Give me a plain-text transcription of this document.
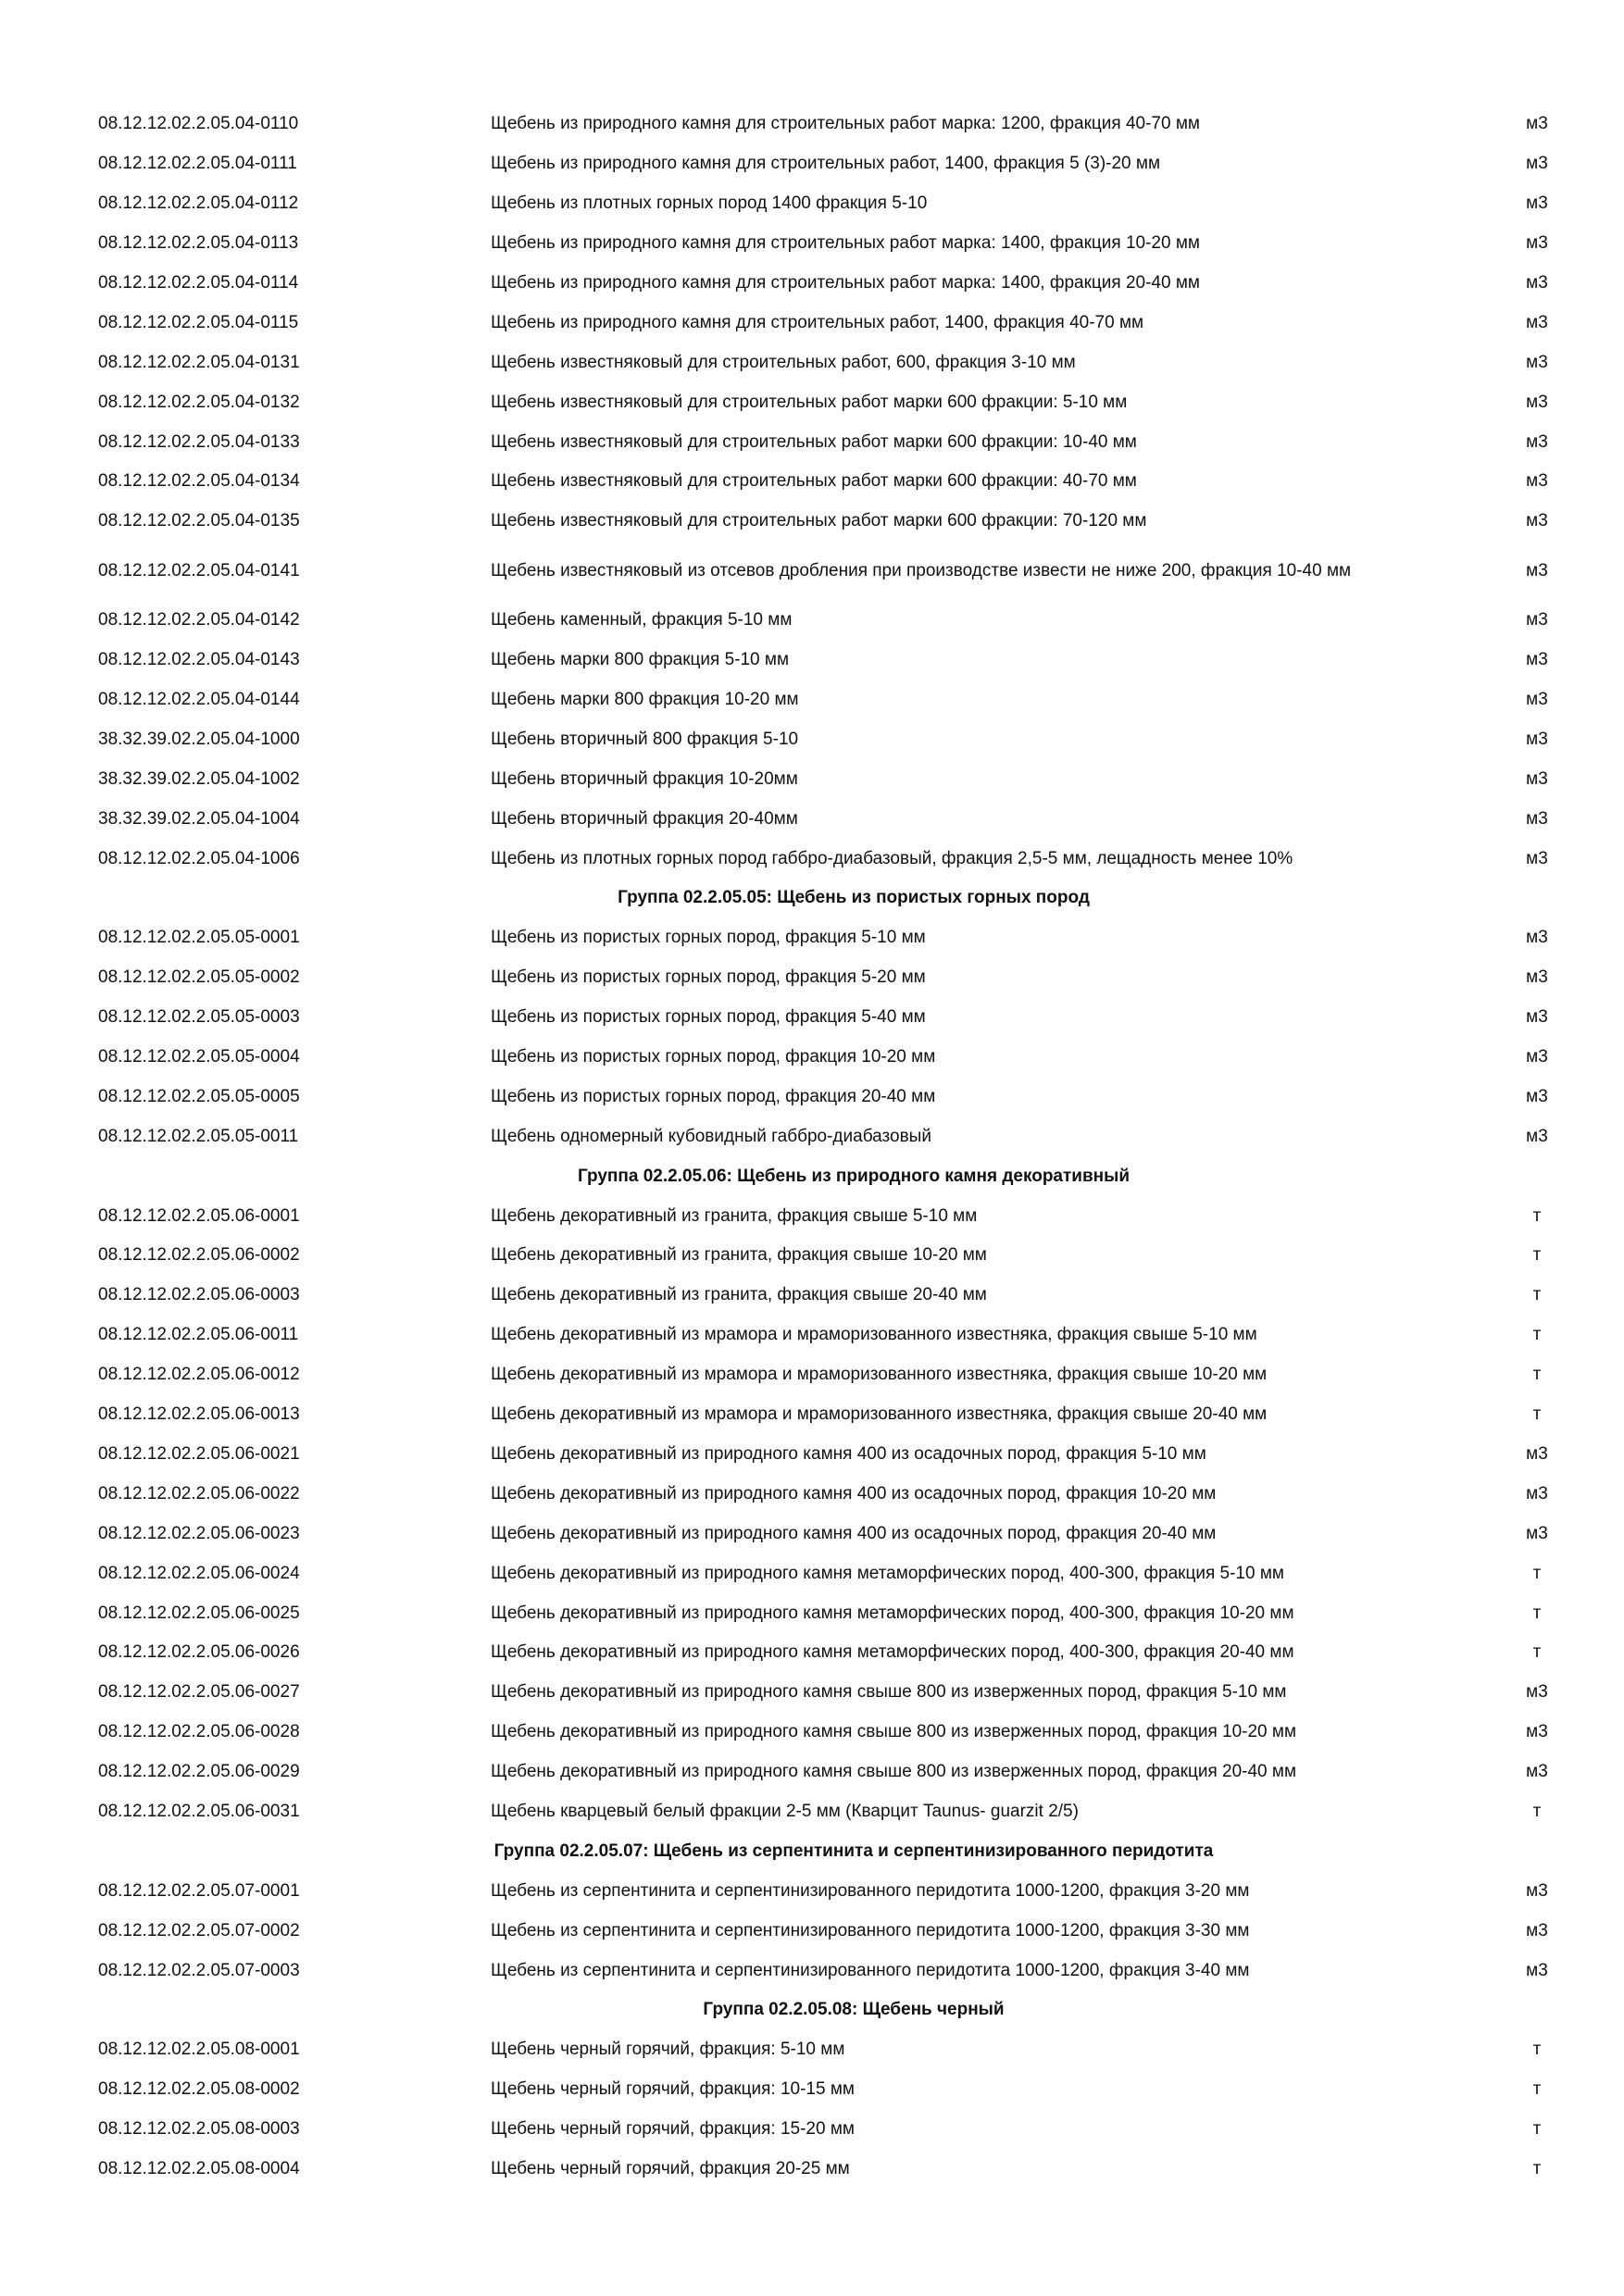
08.12.12.02.2.05.04-0110	Щебень из природного камня для строительных работ марка: 1200, фракция 40-70 мм	м3
08.12.12.02.2.05.04-0111	Щебень из природного камня для строительных работ, 1400, фракция 5 (3)-20 мм	м3
08.12.12.02.2.05.04-0112	Щебень из плотных горных пород 1400 фракция 5-10	м3
08.12.12.02.2.05.04-0113	Щебень из природного камня для строительных работ марка: 1400, фракция 10-20 мм	м3
08.12.12.02.2.05.04-0114	Щебень из природного камня для строительных работ марка: 1400, фракция 20-40 мм	м3
08.12.12.02.2.05.04-0115	Щебень из природного камня для строительных работ, 1400, фракция 40-70 мм	м3
08.12.12.02.2.05.04-0131	Щебень известняковый для строительных работ, 600, фракция 3-10 мм	м3
08.12.12.02.2.05.04-0132	Щебень известняковый для строительных работ марки 600 фракции: 5-10 мм	м3
08.12.12.02.2.05.04-0133	Щебень известняковый для строительных работ марки 600 фракции: 10-40 мм	м3
08.12.12.02.2.05.04-0134	Щебень известняковый для строительных работ марки 600 фракции: 40-70 мм	м3
08.12.12.02.2.05.04-0135	Щебень известняковый для строительных работ марки 600 фракции: 70-120 мм	м3
08.12.12.02.2.05.04-0141	Щебень известняковый из отсевов дробления при производстве извести не ниже 200, фракция 10-40 мм	м3
08.12.12.02.2.05.04-0142	Щебень каменный, фракция 5-10 мм	м3
08.12.12.02.2.05.04-0143	Щебень марки 800 фракция 5-10 мм	м3
08.12.12.02.2.05.04-0144	Щебень марки 800 фракция 10-20 мм	м3
38.32.39.02.2.05.04-1000	Щебень вторичный 800 фракция 5-10	м3
38.32.39.02.2.05.04-1002	Щебень вторичный фракция 10-20мм	м3
38.32.39.02.2.05.04-1004	Щебень вторичный фракция 20-40мм	м3
08.12.12.02.2.05.04-1006	Щебень из плотных горных пород габбро-диабазовый, фракция 2,5-5 мм, лещадность менее 10%	м3
Группа 02.2.05.05: Щебень из пористых горных пород
08.12.12.02.2.05.05-0001	Щебень из пористых горных пород, фракция 5-10 мм	м3
08.12.12.02.2.05.05-0002	Щебень из пористых горных пород, фракция 5-20 мм	м3
08.12.12.02.2.05.05-0003	Щебень из пористых горных пород, фракция 5-40 мм	м3
08.12.12.02.2.05.05-0004	Щебень из пористых горных пород, фракция 10-20 мм	м3
08.12.12.02.2.05.05-0005	Щебень из пористых горных пород, фракция 20-40 мм	м3
08.12.12.02.2.05.05-0011	Щебень одномерный кубовидный габбро-диабазовый	м3
Группа 02.2.05.06: Щебень из природного камня декоративный
08.12.12.02.2.05.06-0001	Щебень декоративный из гранита, фракция свыше 5-10 мм	т
08.12.12.02.2.05.06-0002	Щебень декоративный из гранита, фракция свыше 10-20 мм	т
08.12.12.02.2.05.06-0003	Щебень декоративный из гранита, фракция свыше 20-40 мм	т
08.12.12.02.2.05.06-0011	Щебень декоративный из мрамора и мраморизованного известняка, фракция свыше 5-10 мм	т
08.12.12.02.2.05.06-0012	Щебень декоративный из мрамора и мраморизованного известняка, фракция свыше 10-20 мм	т
08.12.12.02.2.05.06-0013	Щебень декоративный из мрамора и мраморизованного известняка, фракция свыше 20-40 мм	т
08.12.12.02.2.05.06-0021	Щебень декоративный из природного камня 400 из осадочных пород, фракция 5-10 мм	м3
08.12.12.02.2.05.06-0022	Щебень декоративный из природного камня 400 из осадочных пород, фракция 10-20 мм	м3
08.12.12.02.2.05.06-0023	Щебень декоративный из природного камня 400 из осадочных пород, фракция 20-40 мм	м3
08.12.12.02.2.05.06-0024	Щебень декоративный из природного камня метаморфических пород, 400-300, фракция 5-10 мм	т
08.12.12.02.2.05.06-0025	Щебень декоративный из природного камня метаморфических пород, 400-300, фракция 10-20 мм	т
08.12.12.02.2.05.06-0026	Щебень декоративный из природного камня метаморфических пород, 400-300, фракция 20-40 мм	т
08.12.12.02.2.05.06-0027	Щебень декоративный из природного камня свыше 800 из изверженных пород, фракция 5-10 мм	м3
08.12.12.02.2.05.06-0028	Щебень декоративный из природного камня свыше 800 из изверженных пород, фракция 10-20 мм	м3
08.12.12.02.2.05.06-0029	Щебень декоративный из природного камня свыше 800 из изверженных пород, фракция 20-40 мм	м3
08.12.12.02.2.05.06-0031	Щебень кварцевый белый фракции 2-5 мм (Кварцит Taunus- guarzit 2/5)	т
Группа 02.2.05.07: Щебень из серпентинита и серпентинизированного перидотита
08.12.12.02.2.05.07-0001	Щебень из серпентинита и серпентинизированного перидотита 1000-1200, фракция 3-20 мм	м3
08.12.12.02.2.05.07-0002	Щебень из серпентинита и серпентинизированного перидотита 1000-1200, фракция 3-30 мм	м3
08.12.12.02.2.05.07-0003	Щебень из серпентинита и серпентинизированного перидотита 1000-1200, фракция 3-40 мм	м3
Группа 02.2.05.08: Щебень черный
08.12.12.02.2.05.08-0001	Щебень черный горячий, фракция: 5-10 мм	т
08.12.12.02.2.05.08-0002	Щебень черный горячий, фракция: 10-15 мм	т
08.12.12.02.2.05.08-0003	Щебень черный горячий, фракция: 15-20 мм	т
08.12.12.02.2.05.08-0004	Щебень черный горячий, фракция 20-25 мм	т
